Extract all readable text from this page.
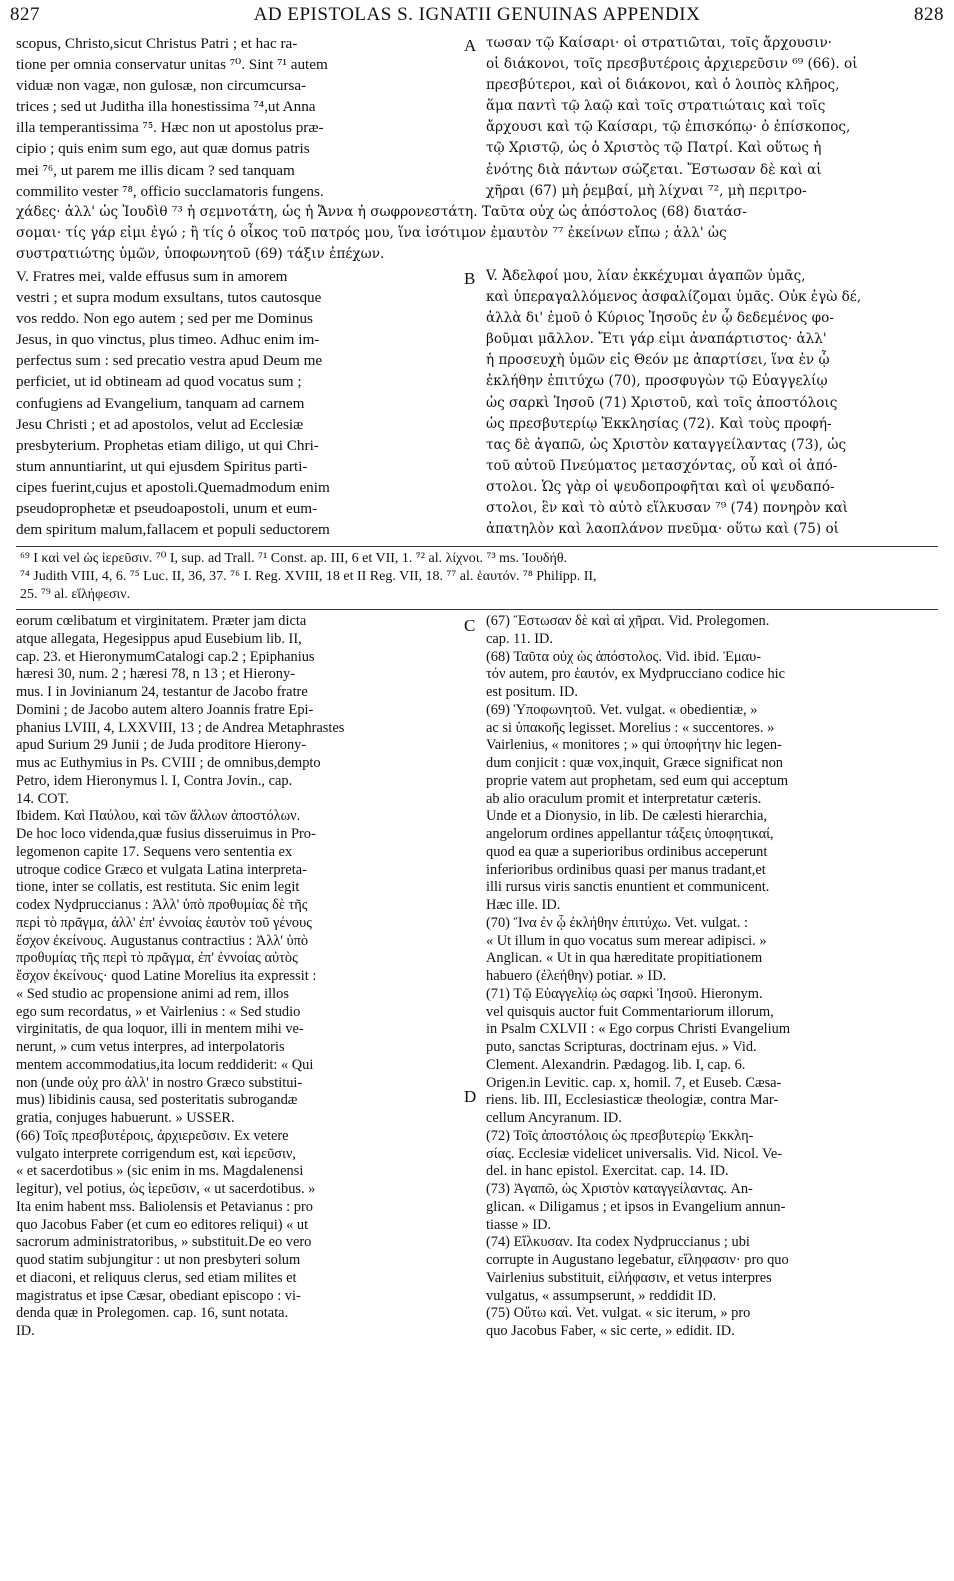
827	AD EPISTOLAS S. IGNATII GENUINAS APPENDIX	828
scopus, Christo,sicut Christus Patri ; et hac ra-
tione per omnia conservatur unitas ⁷⁰. Sint ⁷¹ autem
viduæ non vagæ, non gulosæ, non circumcursa-
trices ; sed ut Juditha illa honestissima ⁷⁴,ut Anna
illa temperantissima ⁷⁵. Hæc non ut apostolus præ-
cipio ; quis enim sum ego, aut quæ domus patris
mei ⁷⁶, ut parem me illis dicam ? sed tanquam
commilito vester ⁷⁸, officio succlamatoris fungens.
A τωσαν τῷ Καίσαρι· οἱ στρατιῶται, τοῖς ἄρχουσιν·
οἱ διάκονοι, τοῖς πρεσβυτέροις ἀρχιερεῦσιν ⁶⁹ (66). οἱ
πρεσβύτεροι, καὶ οἱ διάκονοι, καὶ ὁ λοιπὸς κλῆρος,
ἅμα παντὶ τῷ λαῷ καὶ τοῖς στρατιώταις καὶ τοῖς
ἄρχουσι καὶ τῷ Καίσαρι, τῷ ἐπισκόπῳ· ὁ ἐπίσκοπος,
τῷ Χριστῷ, ὡς ὁ Χριστὸς τῷ Πατρί. Καὶ οὕτως ἡ
ἑνότης διὰ πάντων σώζεται. Ἔστωσαν δὲ καὶ αἱ
χῆραι (67) μὴ ῥεμβαί, μὴ λίχναι ⁷², μὴ περιτρο-
χάδες· ἀλλ' ὡς Ἰουδὶθ ⁷³ ἡ σεμνοτάτη, ὡς ἡ Ἄννα ἡ σωφρονεστάτη. Ταῦτα οὐχ ὡς ἀπόστολος (68) διατάσ-
σομαι· τίς γάρ εἰμι ἐγώ ; ἢ τίς ὁ οἶκος τοῦ πατρός μου, ἵνα ἰσότιμον ἐμαυτὸν ⁷⁷ ἐκείνων εἴπω ; ἀλλ' ὡς
συστρατιώτης ὑμῶν, ὑποφωνητοῦ (69) τάξιν ἐπέχων.
V. Fratres mei, valde effusus sum in amorem
vestri ; et supra modum exsultans, tutos cautosque
vos reddo. Non ego autem ; sed per me Dominus
Jesus, in quo vinctus, plus timeo. Adhuc enim im-
perfectus sum : sed precatio vestra apud Deum me
perficiet, ut id obtineam ad quod vocatus sum ;
confugiens ad Evangelium, tanquam ad carnem
Jesu Christi ; et ad apostolos, velut ad Ecclesiæ
presbyterium. Prophetas etiam diligo, ut qui Chri-
stum annuntiarint, ut qui ejusdem Spiritus parti-
cipes fuerint,cujus et apostoli.Quemadmodum enim
pseudoprophetæ et pseudoapostoli, unum et eum-
dem spiritum malum,fallacem et populi seductorem
B V. Ἀδελφοί μου, λίαν ἐκκέχυμαι ἀγαπῶν ὑμᾶς,
καὶ ὑπεραγαλλόμενος ἀσφαλίζομαι ὑμᾶς. Οὐκ ἐγὼ δέ,
ἀλλὰ δι' ἐμοῦ ὁ Κύριος Ἰησοῦς ἐν ᾧ δεδεμένος φο-
βοῦμαι μᾶλλον. Ἔτι γάρ εἰμι ἀναπάρτιστος· ἀλλ'
ἡ προσευχὴ ὑμῶν εἰς Θεόν με ἀπαρτίσει, ἵνα ἐν ᾧ
ἐκλήθην ἐπιτύχω (70), προσφυγὼν τῷ Εὐαγγελίῳ
ὡς σαρκὶ Ἰησοῦ (71) Χριστοῦ, καὶ τοῖς ἀποστόλοις
ὡς πρεσβυτερίῳ Ἐκκλησίας (72). Καὶ τοὺς προφή-
τας δὲ ἀγαπῶ, ὡς Χριστὸν καταγγείλαντας (73), ὡς
τοῦ αὐτοῦ Πνεύματος μετασχόντας, οὗ καὶ οἱ ἀπό-
στολοι. Ὡς γὰρ οἱ ψευδοπροφῆται καὶ οἱ ψευδαπό-
στολοι, ἓν καὶ τὸ αὐτὸ εἵλκυσαν ⁷⁹ (74) πονηρὸν καὶ
ἀπατηλὸν καὶ λαοπλάνον πνεῦμα· οὕτω καὶ (75) οἱ
⁶⁹ Ι καὶ vel ὡς ἱερεῦσιν. ⁷⁰ I, sup. ad Trall. ⁷¹ Const. ap. III, 6 et VII, 1. ⁷² al. λίχνοι. ⁷³ ms. Ἰουδήθ.
⁷⁴ Judith VIII, 4, 6. ⁷⁵ Luc. II, 36, 37. ⁷⁶ I. Reg. XVIII, 18 et II Reg. VII, 18. ⁷⁷ al. ἑαυτόν. ⁷⁸ Philipp. II,
25. ⁷⁹ al. εἵλήφεσιν.
eorum cœlibatum et virginitatem. Præter jam dicta
atque allegata, Hegesippus apud Eusebium lib. II,
cap. 23. et HieronymumCatalogi cap.2 ; Epiphanius
hæresi 30, num. 2 ; hæresi 78, n 13 ; et Hierony-
mus. I in Jovinianum 24, testantur de Jacobo fratre
Domini ; de Jacobo autem altero Joannis fratre Epi-
phanius LVIII, 4, LXXVIII, 13 ; de Andrea Metaphrastes
apud Surium 29 Junii ; de Juda proditore Hierony-
mus ac Euthymius in Ps. CVIII ; de omnibus,dempto
Petro, idem Hieronymus l. I, Contra Jovin., cap.
14. COT.
Ibidem. Καὶ Παύλου, καὶ τῶν ἄλλων ἀποστόλων.
De hoc loco videnda,quæ fusius disseruimus in Pro-
legomenon capite 17. Sequens vero sententia ex
utroque codice Græco et vulgata Latina interpreta-
tione, inter se collatis, est restituta. Sic enim legit
codex Nydpruccianus : Ἀλλ' ὑπὸ προθυμίας δὲ τῆς
περὶ τὸ πρᾶγμα, ἀλλ' ἐπ' ἐννοίας ἑαυτὸν τοῦ γένους
ἔσχον ἐκείνους. Augustanus contractius : Ἀλλ' ὑπὸ
προθυμίας τῆς περὶ τὸ πρᾶγμα, ἐπ' ἐννοίας αὐτὸς
ἔσχον ἐκείνους· quod Latine Morelius ita expressit :
« Sed studio ac propensione animi ad rem, illos
ego sum recordatus, » et Vairlenius : « Sed studio
virginitatis, de qua loquor, illi in mentem mihi ve-
nerunt, » cum vetus interpres, ad interpolatoris
mentem accommodatius,ita locum reddiderit: « Qui
non (unde οὐχ pro ἀλλ' in nostro Græco substitui-
mus) libidinis causa, sed posteritatis subrogandæ
gratia, conjuges habuerunt. » USSER.
(66) Τοῖς πρεσβυτέροις, ἀρχιερεῦσιν. Ex vetere
vulgato interprete corrigendum est, καὶ ἱερεῦσιν,
« et sacerdotibus » (sic enim in ms. Magdalenensi
legitur), vel potius, ὡς ἱερεῦσιν, « ut sacerdotibus. »
Ita enim habent mss. Baliolensis et Petavianus : pro
quo Jacobus Faber (et cum eo editores reliqui) « ut
sacrorum administratoribus, » substituit.De eo vero
quod statim subjungitur : ut non presbyteri solum
et diaconi, et reliquus clerus, sed etiam milites et
magistratus et ipse Cæsar, obediant episcopo : vi-
denda quæ in Prolegomen. cap. 16, sunt notata.
ID.
C
D
(67) Ἔστωσαν δὲ καὶ αἱ χῆραι. Vid. Prolegomen.
cap. 11. ID.
(68) Ταῦτα οὐχ ὡς ἀπόστολος. Vid. ibid. Ἐμαυ-
τόν autem, pro ἑαυτόν, ex Mydpruccianο codice hic
est positum. ID.
(69) Ὑποφωνητοῦ. Vet. vulgat. « obedientiæ, »
ac si ὑπακοῆς legisset. Morelius : « succentores. »
Vairlenius, « monitores ; » qui ὑποφήτην hic legen-
dum conjicit : quæ vox,inquit, Græce significat non
proprie vatem aut prophetam, sed eum qui acceptum
ab alio oraculum promit et interpretatur cæteris.
Unde et a Dionysio, in lib. De cælesti hierarchia,
angelorum ordines appellantur τάξεις ὑποφητικαί,
quod ea quæ a superioribus ordinibus acceperunt
inferioribus ordinibus quasi per manus tradant,et
illi rursus viris sanctis enuntient et communicent.
Hæc ille. ID.
(70) Ἵνα ἐν ᾧ ἐκλήθην ἐπιτύχω. Vet. vulgat. :
« Ut illum in quo vocatus sum merear adipisci. »
Anglican. « Ut in qua hæreditate propitiationem
habuero (ἐλεήθην) potiar. » ID.
(71) Τῷ Εὐαγγελίῳ ὡς σαρκὶ Ἰησοῦ. Hieronym.
vel quisquis auctor fuit Commentariorum illorum,
in Psalm CXLVII : « Ego corpus Christi Evangelium
puto, sanctas Scripturas, doctrinam ejus. » Vid.
Clement. Alexandrin. Pædagog. lib. I, cap. 6.
Origen.in Levitic. cap. x, homil. 7, et Euseb. Cæsa-
riens. lib. III, Ecclesiasticæ theologiæ, contra Mar-
cellum Ancyranum. ID.
(72) Τοῖς ἀποστόλοις ὡς πρεσβυτερίῳ Ἐκκλη-
σίας. Ecclesiæ videlicet universalis. Vid. Nicol. Ve-
del. in hanc epistol. Exercitat. cap. 14. ID.
(73) Ἀγαπῶ, ὡς Χριστὸν καταγγείλαντας. An-
glican. « Diligamus ; et ipsos in Evangelium annun-
tiasse » ID.
(74) Εἵλκυσαν. Ita codex Nydpruccianus ; ubi
corrupte in Augustano legebatur, εἴληφασιν· pro quo
Vairlenius substituit, εἰλήφασιν, et vetus interpres
vulgatus, « assumpserunt, » reddidit ID.
(75) Οὕτω καὶ. Vet. vulgat. « sic iterum, » pro
quo Jacobus Faber, « sic certe, » edidit. ID.
